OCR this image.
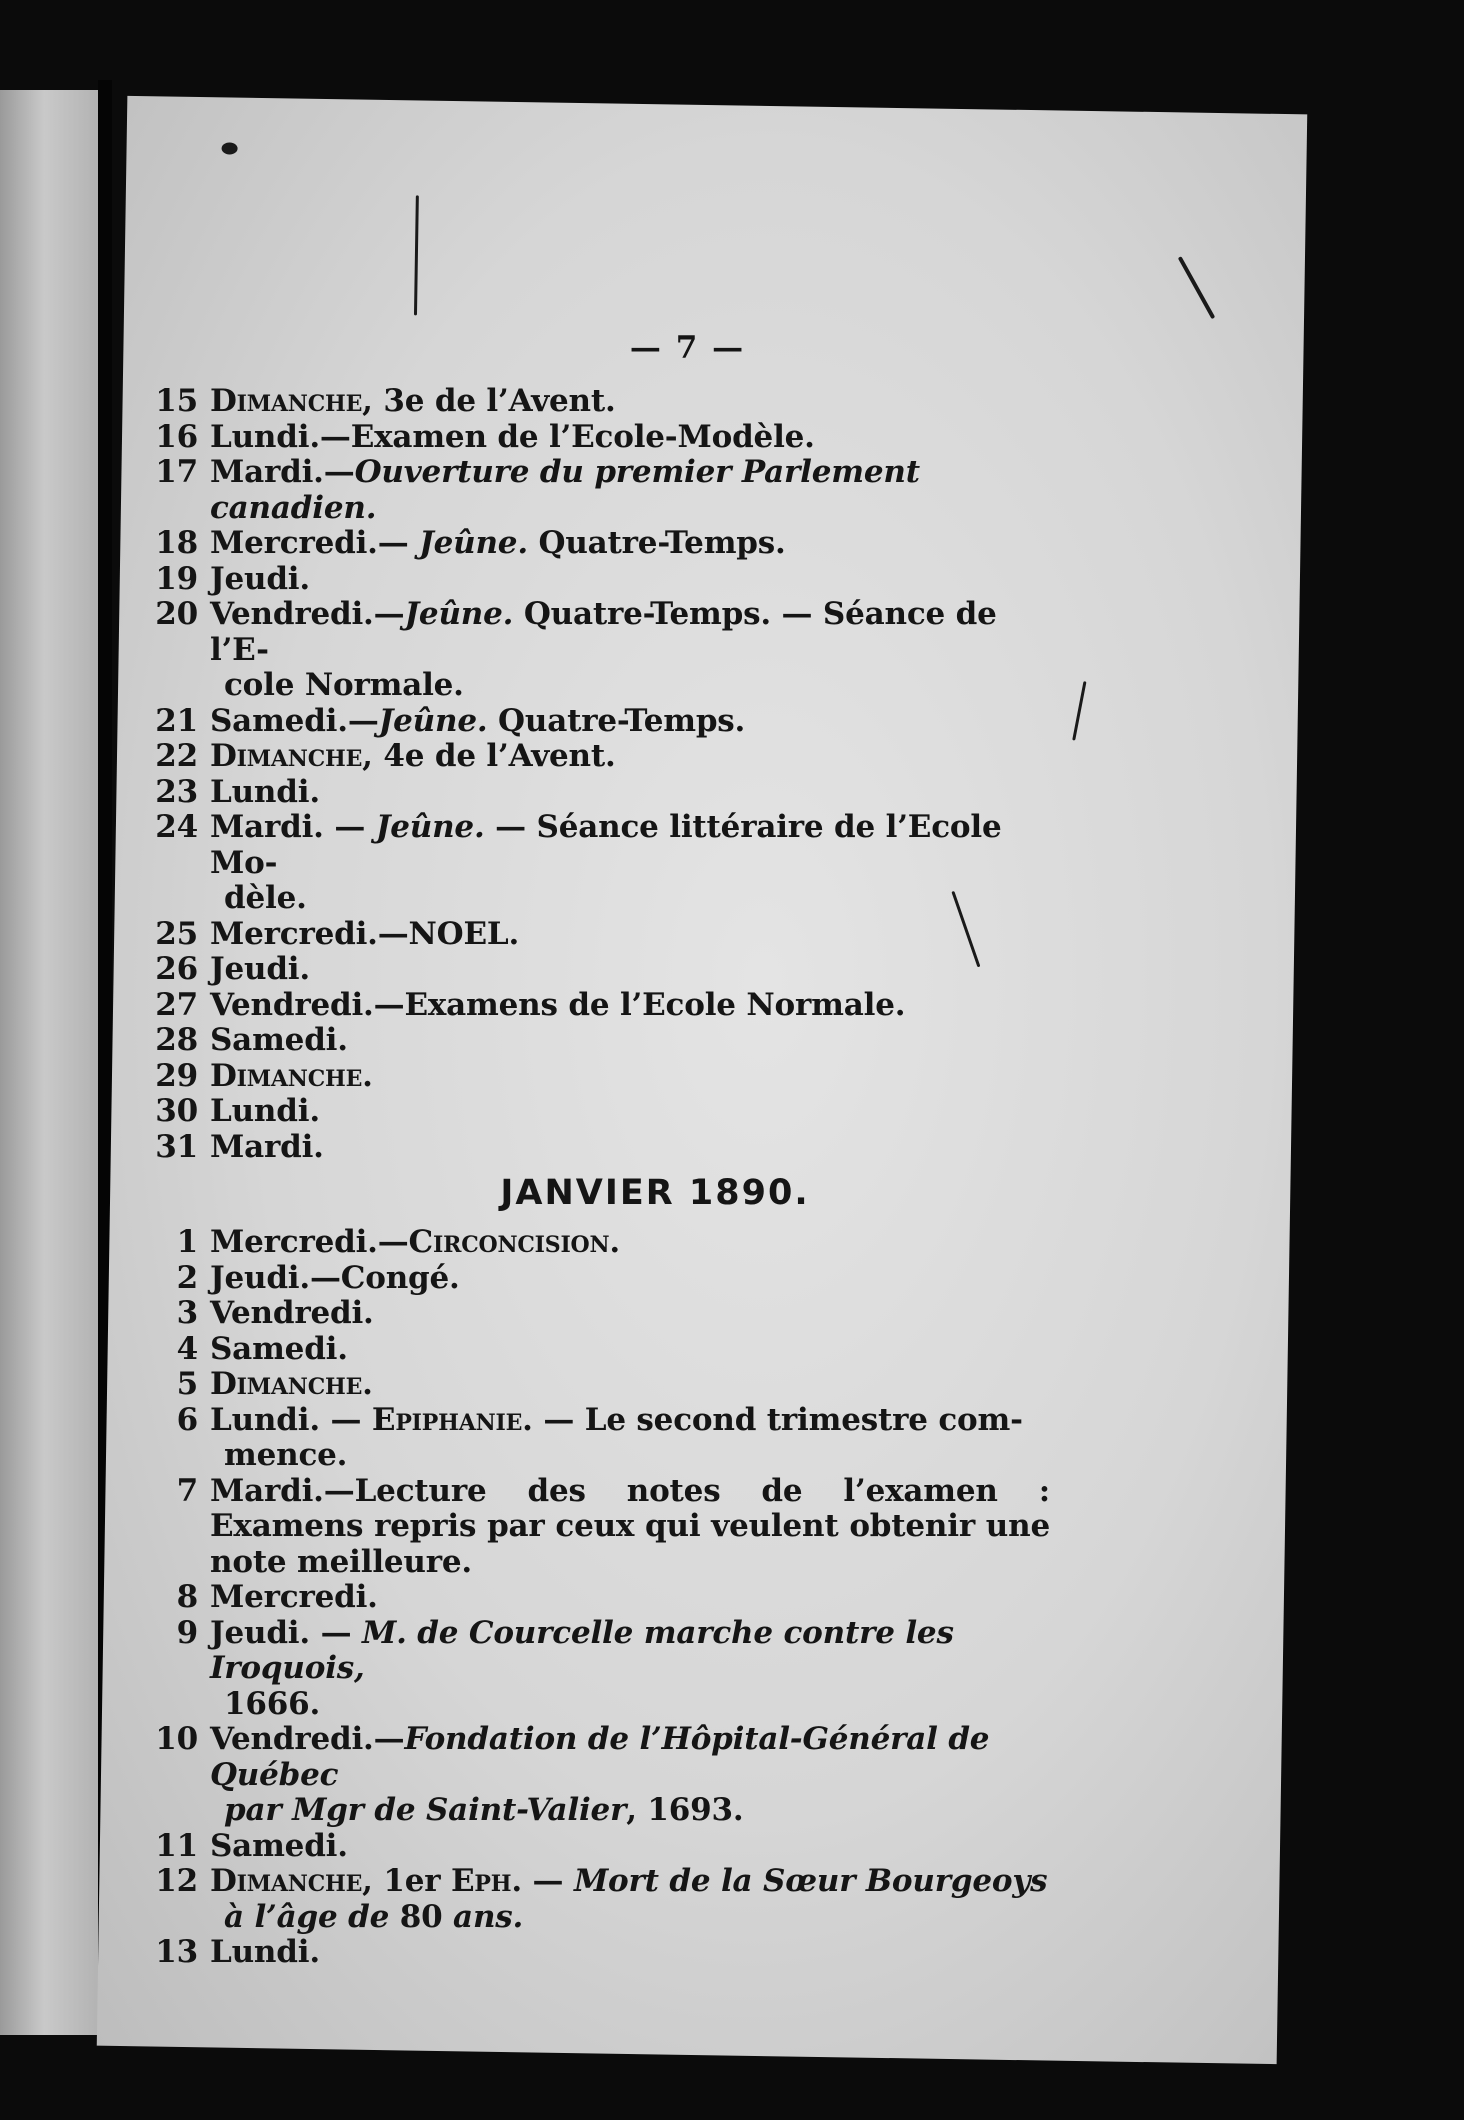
— 7 —
15 Dimanche, 3e de l’Avent.
16 Lundi.—Examen de l’Ecole-Modèle.
17 Mardi.—Ouverture du premier Parlement canadien.
18 Mercredi.— Jeûne. Quatre-Temps.
19 Jeudi.
20 Vendredi.—Jeûne. Quatre-Temps. — Séance de l’E-
cole Normale.
21 Samedi.—Jeûne. Quatre-Temps.
22 Dimanche, 4e de l’Avent.
23 Lundi.
24 Mardi. — Jeûne. — Séance littéraire de l’Ecole Mo-
dèle.
25 Mercredi.—NOEL.
26 Jeudi.
27 Vendredi.—Examens de l’Ecole Normale.
28 Samedi.
29 Dimanche.
30 Lundi.
31 Mardi.
JANVIER 1890.
1 Mercredi.—Circoncision.
2 Jeudi.—Congé.
3 Vendredi.
4 Samedi.
5 Dimanche.
6 Lundi. — Epiphanie. — Le second trimestre com-
mence.
7 Mardi.—Lecture des notes de l’examen : Examens repris par ceux qui veulent obtenir une note meilleure.
8 Mercredi.
9 Jeudi. — M. de Courcelle marche contre les Iroquois,
1666.
10 Vendredi.—Fondation de l’Hôpital-Général de Québec
par Mgr de Saint-Valier, 1693.
11 Samedi.
12 Dimanche, 1er Eph. — Mort de la Sœur Bourgeoys
à l’âge de 80 ans.
13 Lundi.
